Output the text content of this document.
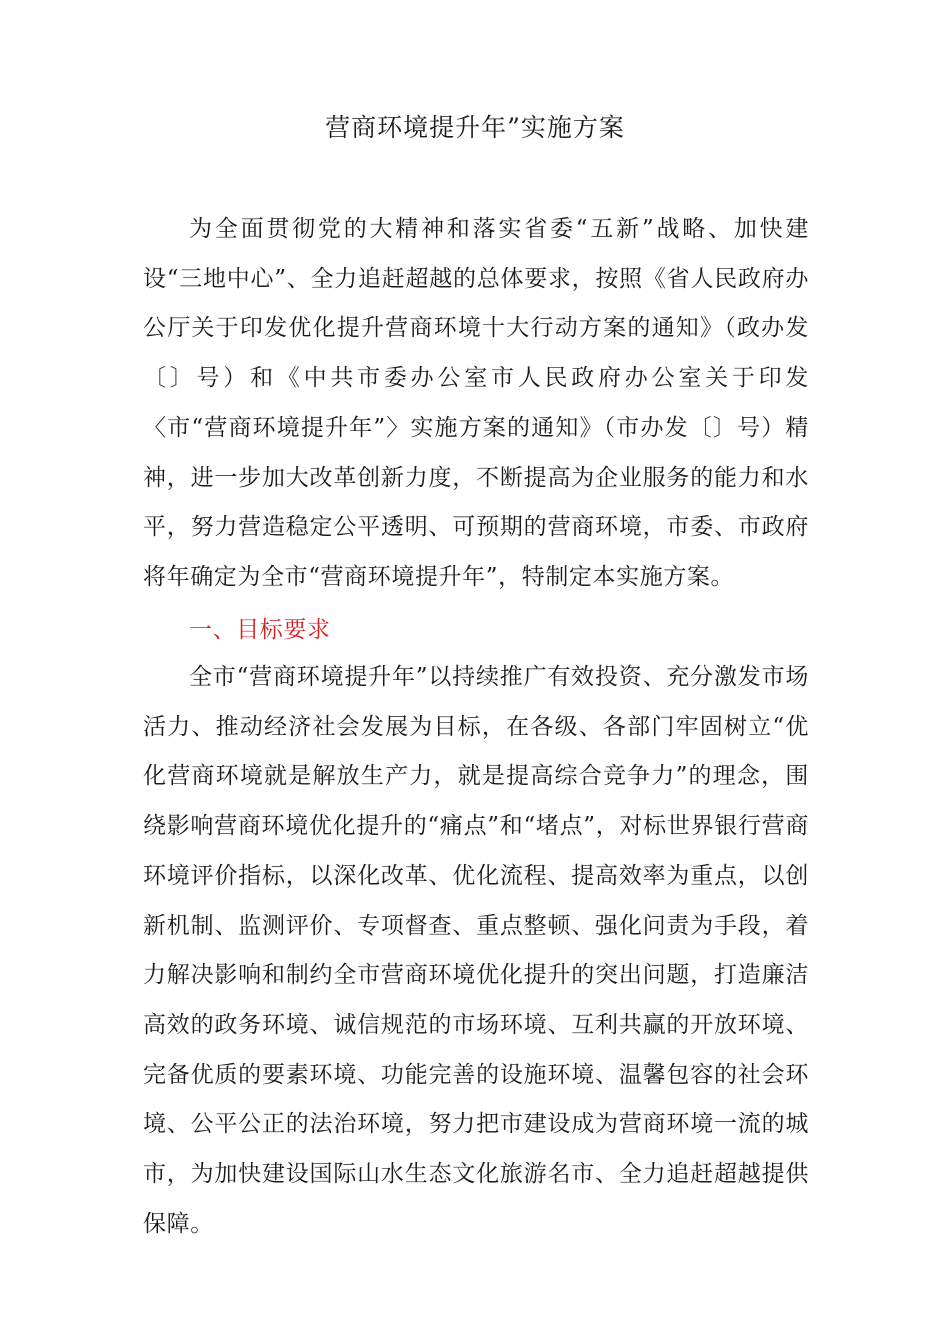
营商环境提升年”实施方案

为全面贯彻党的大精神和落实省委“五新”战略、加快建设“三地中心”、全力追赶超越的总体要求，按照《省人民政府办公厅关于印发优化提升营商环境十大行动方案的通知》（政办发〔〕号）和《中共市委办公室市人民政府办公室关于印发〈市“营商环境提升年”〉实施方案的通知》（市办发〔〕号）精神，进一步加大改革创新力度，不断提高为企业服务的能力和水平，努力营造稳定公平透明、可预期的营商环境，市委、市政府将年确定为全市“营商环境提升年”，特制定本实施方案。

一、目标要求

全市“营商环境提升年”以持续推广有效投资、充分激发市场活力、推动经济社会发展为目标，在各级、各部门牢固树立“优化营商环境就是解放生产力，就是提高综合竞争力”的理念，围绕影响营商环境优化提升的“痛点”和“堵点”，对标世界银行营商环境评价指标，以深化改革、优化流程、提高效率为重点，以创新机制、监测评价、专项督查、重点整顿、强化问责为手段，着力解决影响和制约全市营商环境优化提升的突出问题，打造廉洁高效的政务环境、诚信规范的市场环境、互利共赢的开放环境、完备优质的要素环境、功能完善的设施环境、温馨包容的社会环境、公平公正的法治环境，努力把市建设成为营商环境一流的城市，为加快建设国际山水生态文化旅游名市、全力追赶超越提供保障。
